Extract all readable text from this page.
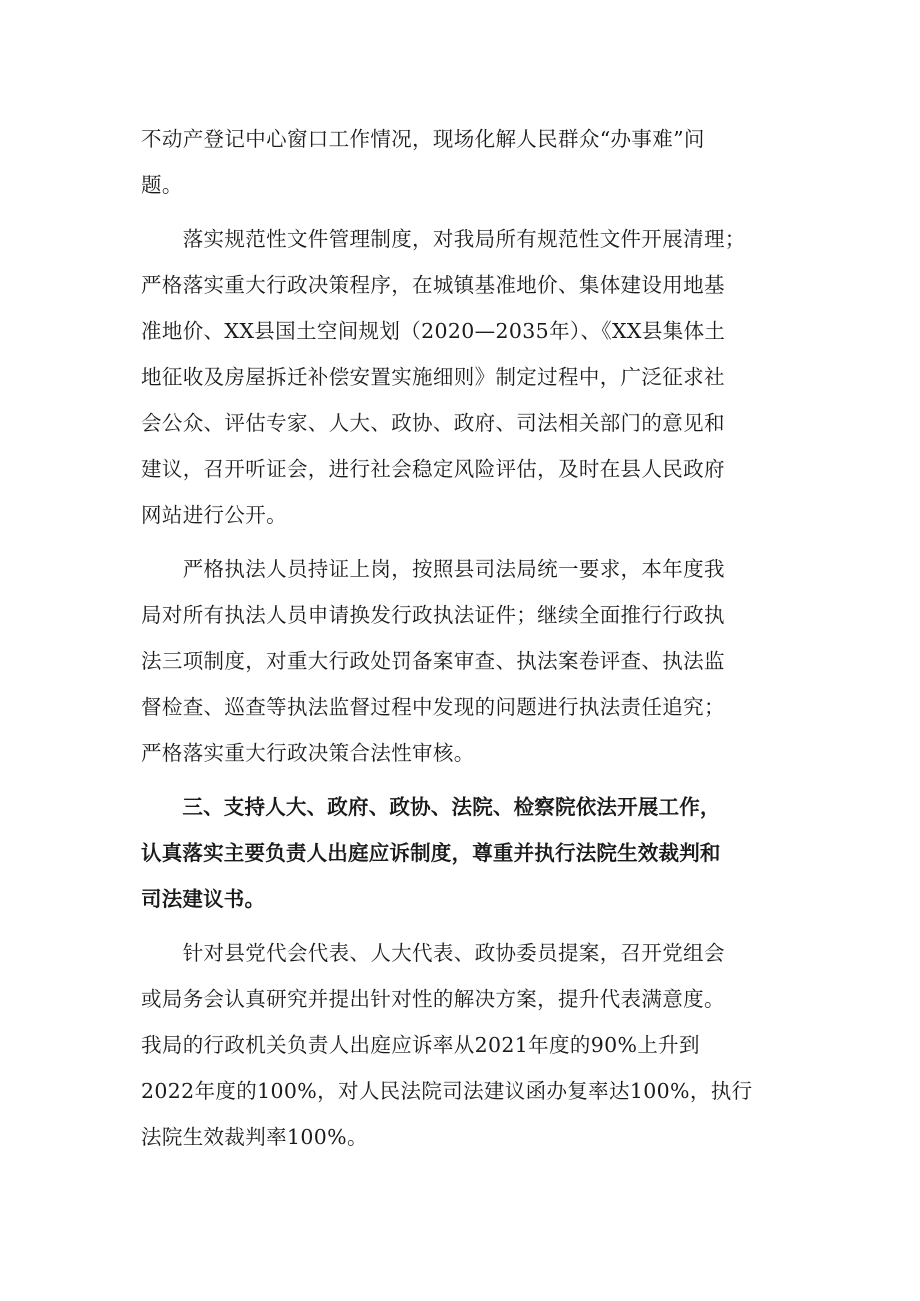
不动产登记中心窗口工作情况，现场化解人民群众“办事难”问
题。
　　落实规范性文件管理制度，对我局所有规范性文件开展清理；
严格落实重大行政决策程序，在城镇基准地价、集体建设用地基
准地价、XX县国土空间规划（2020—2035年）、《XX县集体土
地征收及房屋拆迁补偿安置实施细则》制定过程中，广泛征求社
会公众、评估专家、人大、政协、政府、司法相关部门的意见和
建议，召开听证会，进行社会稳定风险评估，及时在县人民政府
网站进行公开。
　　严格执法人员持证上岗，按照县司法局统一要求，本年度我
局对所有执法人员申请换发行政执法证件；继续全面推行行政执
法三项制度，对重大行政处罚备案审查、执法案卷评查、执法监
督检查、巡查等执法监督过程中发现的问题进行执法责任追究；
严格落实重大行政决策合法性审核。
　　三、支持人大、政府、政协、法院、检察院依法开展工作，
认真落实主要负责人出庭应诉制度，尊重并执行法院生效裁判和
司法建议书。
　　针对县党代会代表、人大代表、政协委员提案，召开党组会
或局务会认真研究并提出针对性的解决方案，提升代表满意度。
我局的行政机关负责人出庭应诉率从2021年度的90%上升到
2022年度的100%，对人民法院司法建议函办复率达100%，执行
法院生效裁判率100%。
